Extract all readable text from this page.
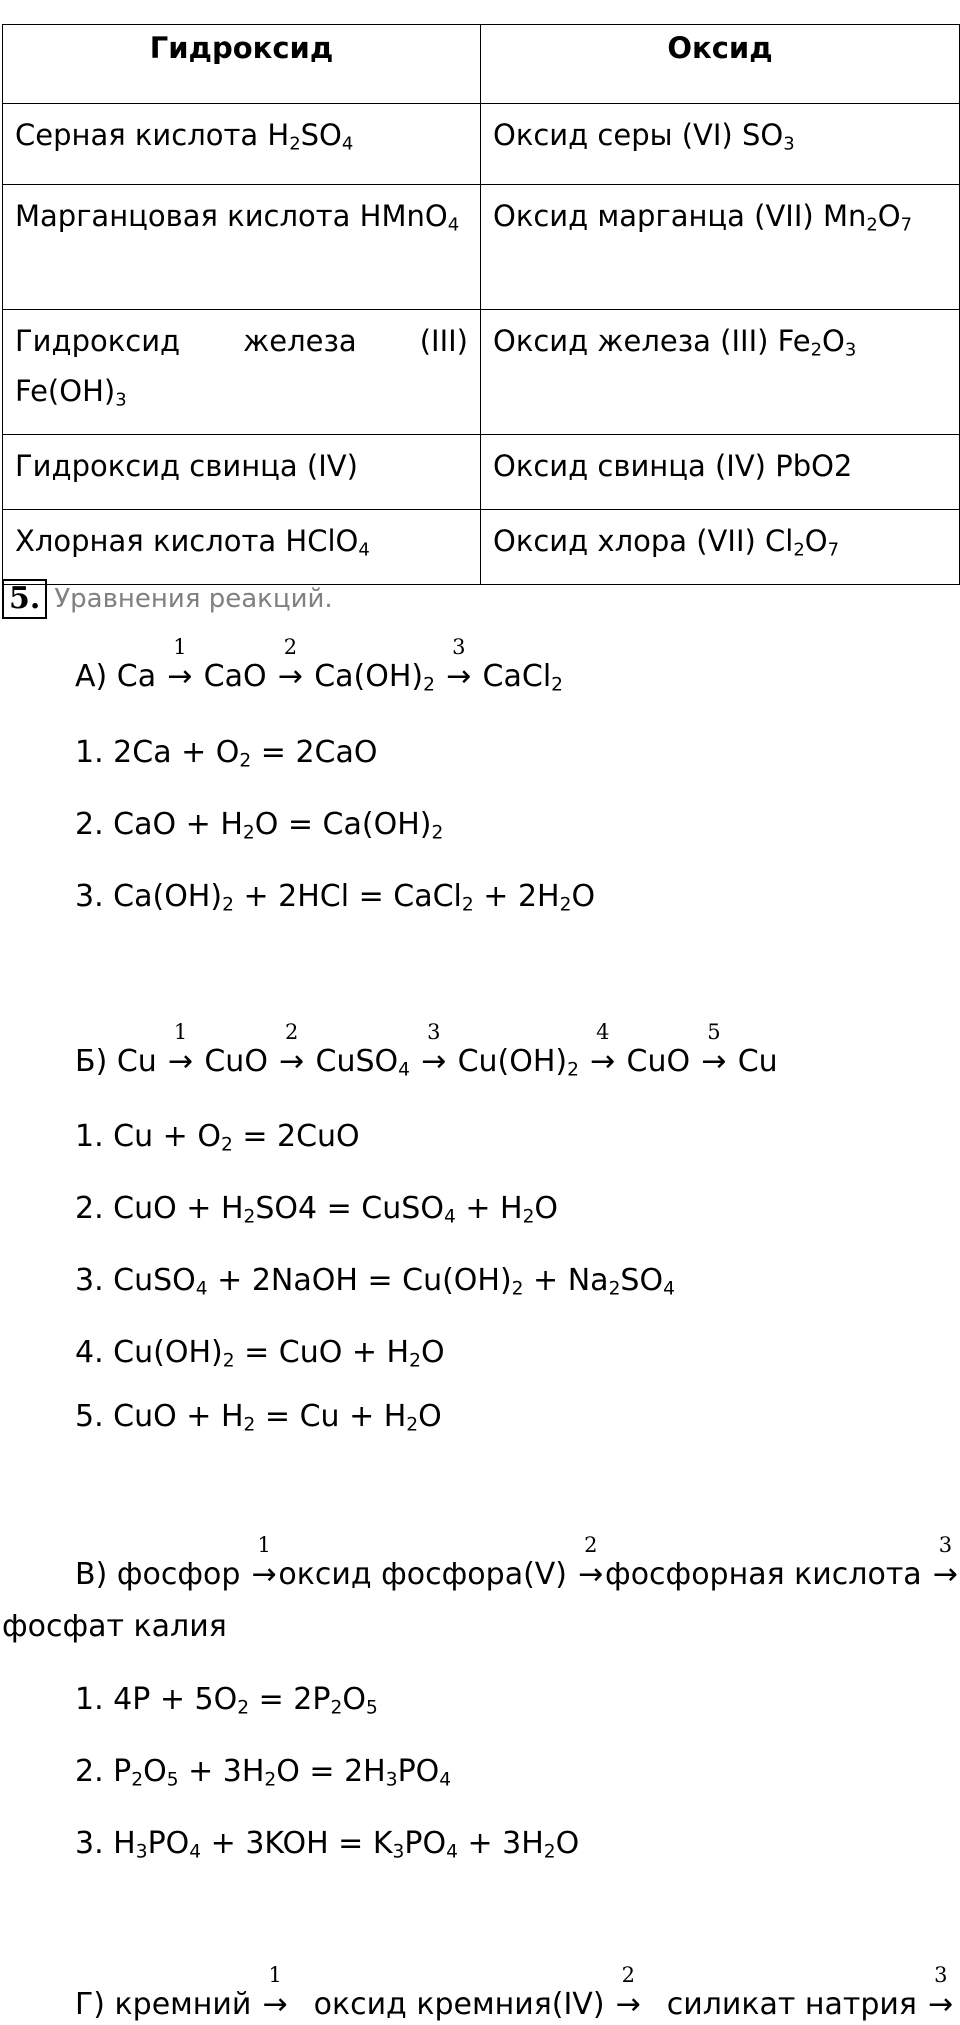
Гидроксид	Оксид
Серная кислота $H_2SO_4$	Оксид серы (VI) $SO_3$
Марганцовая кислота HMnO$_4$	Оксид марганца (VII) $Mn_2O_7$
Гидроксид железа (III) $Fe(OH)_3$	Оксид железа (III) $Fe_2O_3$
Гидроксид свинца (IV)	Оксид свинца (IV) PbO2
Хлорная кислота HClO$_4$	Оксид хлора (VII) $Cl_2O_7$
5. Уравнения реакций.
А) Ca
1
→ CaO
2
→ $Ca(OH)_2$
3
→ CaCl$_2$
1. $2Ca + O_2 = 2CaO$
2. CaO + $H_2O = Ca(OH)_2$
3. $Ca(OH)_2 + 2HCl$ = CaCl$_2$ + $2H_2O$
Б) Cu
1
→ CuO
2
→ CuSO$_4$
3
→ $Cu(OH)_2$
4
→ CuO
5
→ Cu
1. $Cu + O_2 = 2CuO$
2. CuO + $H_2SO4$ = CuSO$_4$ + $H_2O$
3. CuSO$_4$ + 2NaOH = $Cu(OH)_2 + Na_2SO_4$
4. $Cu(OH)_2$ = CuO + $H_2O$
5. CuO + $H_2 = Cu + H_2O$
В) фосфор
1
→ оксид фосфора(V)
2
→ фосфорная кислота
3
→
фосфат калия
1. $4P + 5O_2 = 2P_2O_5$
2. $P_2O_5 + 3H_2O = 2H_3PO_4$
3. $H_3PO_4 + 3KOH = K_3PO_4 + 3H_2O$
Г) кремний
1
→ оксид кремния(IV)
2
→ силикат натрия
3
→
